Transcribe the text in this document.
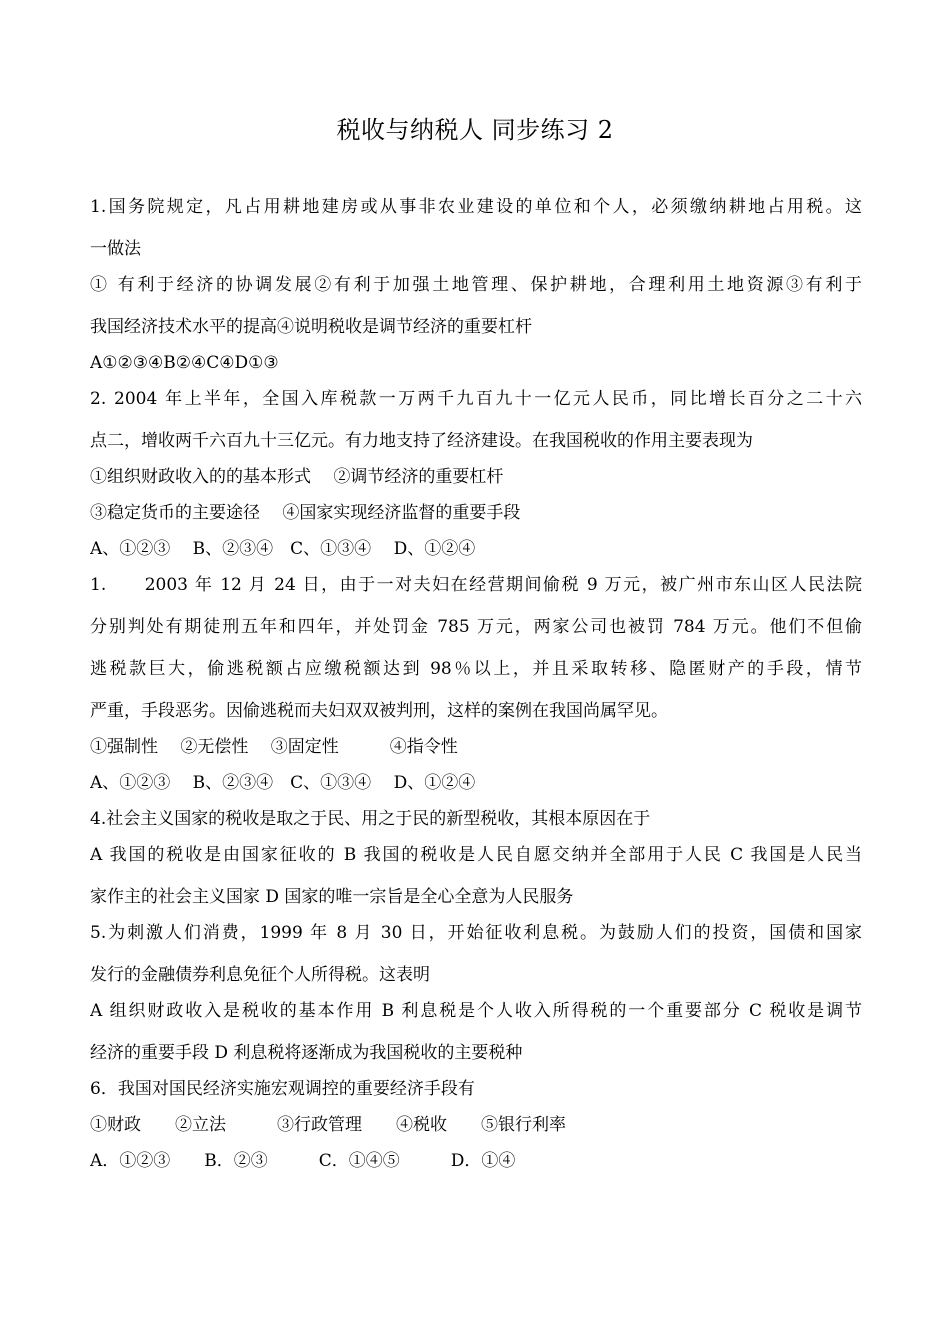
税收与纳税人 同步练习 2
1.国务院规定，凡占用耕地建房或从事非农业建设的单位和个人，必须缴纳耕地占用税。这
一做法
① 有利于经济的协调发展②有利于加强土地管理、保护耕地，合理利用土地资源③有利于
我国经济技术水平的提高④说明税收是调节经济的重要杠杆
A①②③④B②④C④D①③
2. 2004 年上半年，全国入库税款一万两千九百九十一亿元人民币，同比增长百分之二十六
点二，增收两千六百九十三亿元。有力地支持了经济建设。在我国税收的作用主要表现为
①组织财政收入的的基本形式　 ②调节经济的重要杠杆
③稳定货币的主要途径　 ④国家实现经济监督的重要手段
A、①②③　 B、②③④　C、①③④　 D、①②④
1.　　2003 年 12 月 24 日，由于一对夫妇在经营期间偷税 9 万元，被广州市东山区人民法院
分别判处有期徒刑五年和四年，并处罚金 785 万元，两家公司也被罚 784 万元。他们不但偷
逃税款巨大，偷逃税额占应缴税额达到 98％以上，并且采取转移、隐匿财产的手段，情节
严重，手段恶劣。因偷逃税而夫妇双双被判刑，这样的案例在我国尚属罕见。
①强制性　 ②无偿性　 ③固定性　　　④指令性
A、①②③　 B、②③④　C、①③④　 D、①②④
4.社会主义国家的税收是取之于民、用之于民的新型税收，其根本原因在于
A 我国的税收是由国家征收的 B 我国的税收是人民自愿交纳并全部用于人民 C 我国是人民当
家作主的社会主义国家 D 国家的唯一宗旨是全心全意为人民服务
5.为刺激人们消费，1999 年 8 月 30 日，开始征收利息税。为鼓励人们的投资，国债和国家
发行的金融债券利息免征个人所得税。这表明
A 组织财政收入是税收的基本作用 B 利息税是个人收入所得税的一个重要部分 C 税收是调节
经济的重要手段 D 利息税将逐渐成为我国税收的主要税种
6．我国对国民经济实施宏观调控的重要经济手段有
①财政　　②立法　　　③行政管理　　④税收　　⑤银行利率
A．①②③　　B．②③　　　C．①④⑤　　　D．①④
